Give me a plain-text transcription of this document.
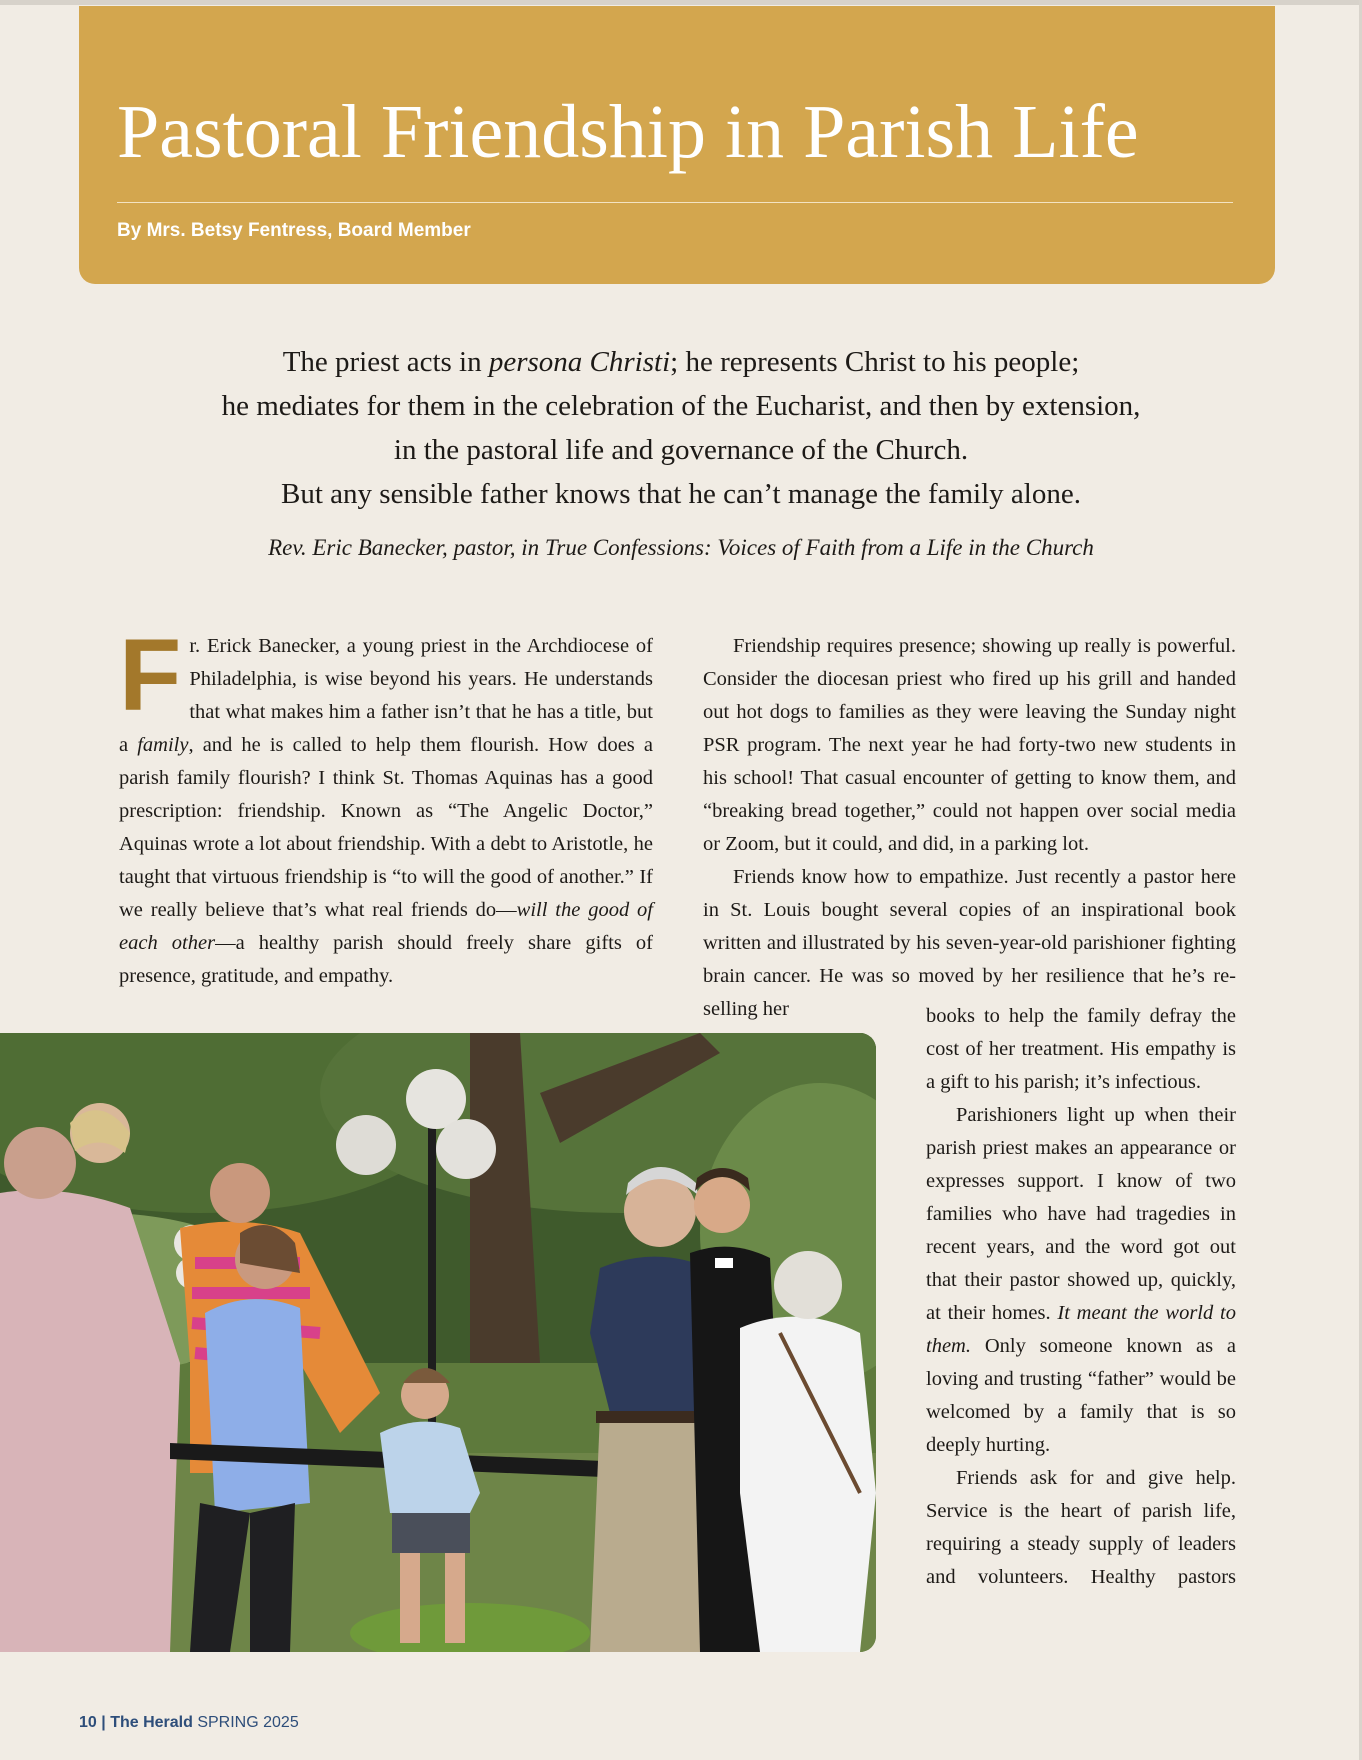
Pastoral Friendship in Parish Life
By Mrs. Betsy Fentress, Board Member
The priest acts in persona Christi; he represents Christ to his people;
he mediates for them in the celebration of the Eucharist, and then by extension,
in the pastoral life and governance of the Church.
But any sensible father knows that he can’t manage the family alone.
Rev. Eric Banecker, pastor, in True Confessions: Voices of Faith from a Life in the Church

Fr. Erick Banecker, a young priest in the Archdiocese of Philadelphia, is wise beyond his years. He understands that what makes him a father isn’t that he has a title, but a family, and he is called to help them flourish. How does a parish family flourish? I think St. Thomas Aquinas has a good prescription: friendship. Known as “The Angelic Doctor,” Aquinas wrote a lot about friendship. With a debt to Aristotle, he taught that virtuous friendship is “to will the good of another.” If we really believe that’s what real friends do—will the good of each other—a healthy parish should freely share gifts of presence, gratitude, and empathy.

Friendship requires presence; showing up really is powerful. Consider the diocesan priest who fired up his grill and handed out hot dogs to families as they were leaving the Sunday night PSR program. The next year he had forty-two new students in his school! That casual encounter of getting to know them, and “breaking bread together,” could not happen over social media or Zoom, but it could, and did, in a parking lot.

Friends know how to empathize. Just recently a pastor here in St. Louis bought several copies of an inspirational book written and illustrated by his seven-year-old parishioner fighting brain cancer. He was so moved by her resilience that he’s re-selling her	books to help the family defray the cost of her treatment. His empathy is a gift to his parish; it’s infectious.

Parishioners light up when their parish priest makes an appearance or expresses support. I know of two families who have had tragedies in recent years, and the word got out that their pastor showed up, quickly, at their homes. It meant the world to them. Only someone known as a loving and trusting “father” would be welcomed by a family that is so deeply hurting.

Friends ask for and give help. Service is the heart of parish life, requiring a steady supply of leaders and volunteers. Healthy pastors

10 | The Herald SPRING 2025
